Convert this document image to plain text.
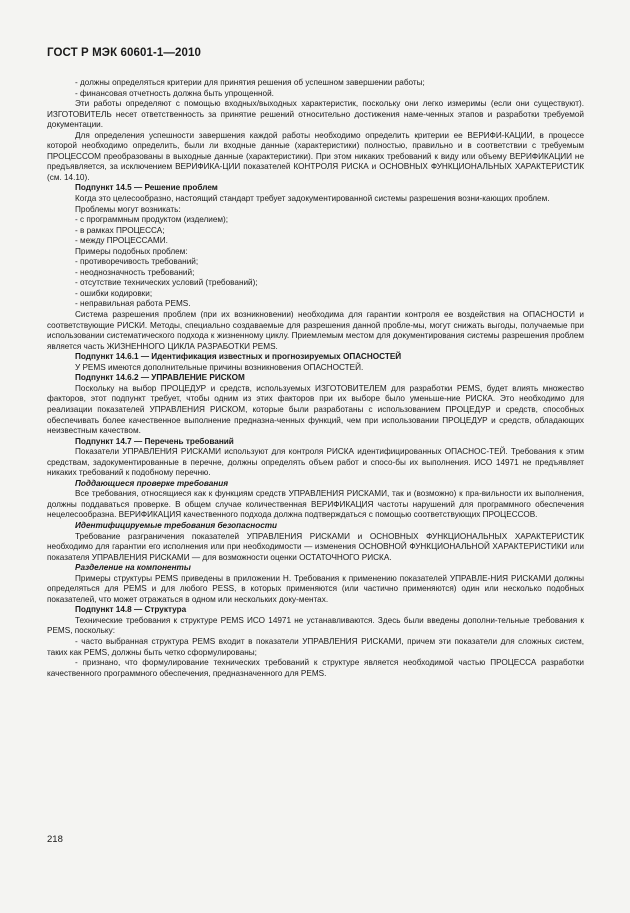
ГОСТ Р МЭК 60601-1—2010

- должны определяться критерии для принятия решения об успешном завершении работы;

- финансовая отчетность должна быть упрощенной.

Эти работы определяют с помощью входных/выходных характеристик, поскольку они легко измеримы (если они существуют). ИЗГОТОВИТЕЛЬ несет ответственность за принятие решений относительно достижения наме-ченных этапов и разработки требуемой документации.

Для определения успешности завершения каждой работы необходимо определить критерии ее ВЕРИФИ-КАЦИИ, в процессе которой необходимо определить, были ли входные данные (характеристики) полностью, правильно и в соответствии с требуемым ПРОЦЕССОМ преобразованы в выходные данные (характеристики). При этом никаких требований к виду или объему ВЕРИФИКАЦИИ не предъявляется, за исключением ВЕРИФИКА-ЦИИ показателей КОНТРОЛЯ РИСКА и ОСНОВНЫХ ФУНКЦИОНАЛЬНЫХ ХАРАКТЕРИСТИК (см. 14.10).

Подпункт 14.5 — Решение проблем

Когда это целесообразно, настоящий стандарт требует задокументированной системы разрешения возни-кающих проблем.

Проблемы могут возникать:

- с программным продуктом (изделием);

- в рамках ПРОЦЕССА;

- между ПРОЦЕССАМИ.

Примеры подобных проблем:

- противоречивость требований;

- неоднозначность требований;

- отсутствие технических условий (требований);

- ошибки кодировки;

- неправильная работа PEMS.

Система разрешения проблем (при их возникновении) необходима для гарантии контроля ее воздействия на ОПАСНОСТИ и соответствующие РИСКИ. Методы, специально создаваемые для разрешения данной пробле-мы, могут снижать выгоды, получаемые при использовании систематического подхода к жизненному циклу. Приемлемым местом для документирования системы разрешения проблем является часть ЖИЗНЕННОГО ЦИКЛА РАЗРАБОТКИ PEMS.

Подпункт 14.6.1 — Идентификация известных и прогнозируемых ОПАСНОСТЕЙ

У PEMS имеются дополнительные причины возникновения ОПАСНОСТЕЙ.

Подпункт 14.6.2 — УПРАВЛЕНИЕ РИСКОМ

Поскольку на выбор ПРОЦЕДУР и средств, используемых ИЗГОТОВИТЕЛЕМ для разработки PEMS, будет влиять множество факторов, этот подпункт требует, чтобы одним из этих факторов при их выборе было уменьше-ние РИСКА. Это необходимо для реализации показателей УПРАВЛЕНИЯ РИСКОМ, которые были разработаны с использованием ПРОЦЕДУР и средств, способных обеспечивать более качественное выполнение предназна-ченных функций, чем при использовании ПРОЦЕДУР и средств, обладающих неизвестным качеством.

Подпункт 14.7 — Перечень требований

Показатели УПРАВЛЕНИЯ РИСКАМИ используют для контроля РИСКА идентифицированных ОПАСНОС-ТЕЙ. Требования к этим средствам, задокументированные в перечне, должны определять объем работ и спосо-бы их выполнения. ИСО 14971 не предъявляет никаких требований к подобному перечню.

Поддающиеся проверке требования

Все требования, относящиеся как к функциям средств УПРАВЛЕНИЯ РИСКАМИ, так и (возможно) к пра-вильности их выполнения, должны поддаваться проверке. В общем случае количественная ВЕРИФИКАЦИЯ частоты нарушений для программного обеспечения нецелесообразна. ВЕРИФИКАЦИЯ качественного подхода должна подтверждаться с помощью соответствующих ПРОЦЕССОВ.

Идентифицируемые требования безопасности

Требование разграничения показателей УПРАВЛЕНИЯ РИСКАМИ и ОСНОВНЫХ ФУНКЦИОНАЛЬНЫХ ХАРАКТЕРИСТИК необходимо для гарантии его исполнения или при необходимости — изменения ОСНОВНОЙ ФУНКЦИОНАЛЬНОЙ ХАРАКТЕРИСТИКИ или показателя УПРАВЛЕНИЯ РИСКАМИ — для возможности оценки ОСТАТОЧНОГО РИСКА.

Разделение на компоненты

Примеры структуры PEMS приведены в приложении Н. Требования к применению показателей УПРАВЛЕ-НИЯ РИСКАМИ должны определяться для PEMS и для любого PESS, в которых применяются (или частично применяются) один или несколько подобных показателей, что может отражаться в одном или нескольких доку-ментах.

Подпункт 14.8 — Структура

Технические требования к структуре PEMS ИСО 14971 не устанавливаются. Здесь были введены дополни-тельные требования к PEMS, поскольку:

- часто выбранная структура PEMS входит в показатели УПРАВЛЕНИЯ РИСКАМИ, причем эти показатели для сложных систем, таких как PEMS, должны быть четко сформулированы;

- признано, что формулирование технических требований к структуре является необходимой частью ПРОЦЕССА разработки качественного программного обеспечения, предназначенного для PEMS.

218
